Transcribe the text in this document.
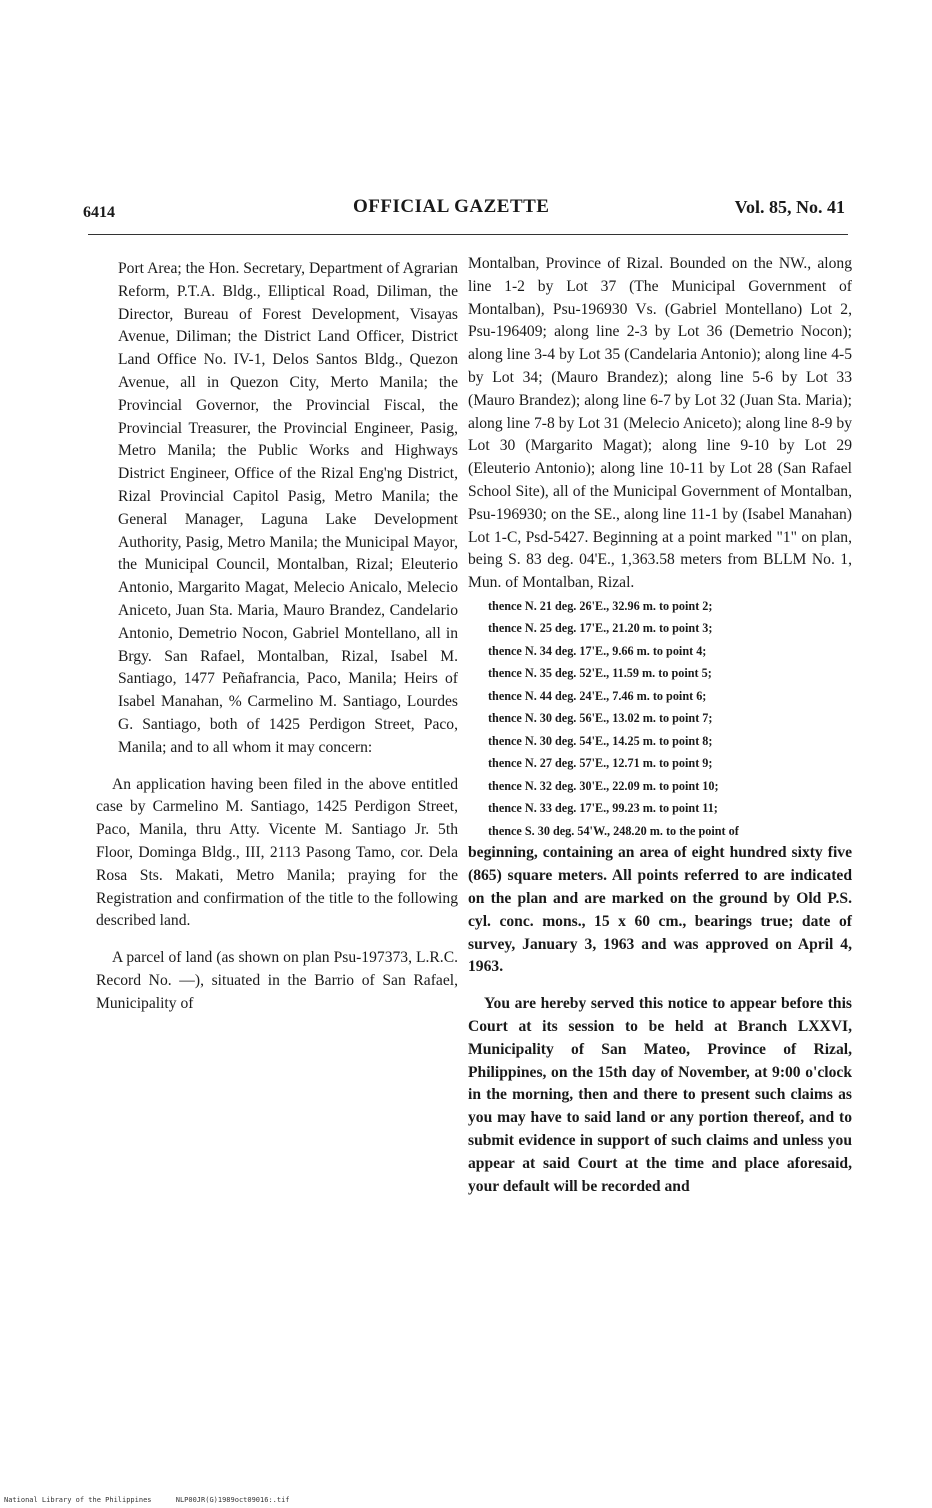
6414	OFFICIAL GAZETTE	Vol. 85, No. 41

Port Area; the Hon. Secretary, Department of Agrarian Reform, P.T.A. Bldg., Elliptical Road, Diliman, the Director, Bureau of Forest Development, Visayas Avenue, Diliman; the District Land Officer, District Land Office No. IV-1, Delos Santos Bldg., Quezon Avenue, all in Quezon City, Merto Manila; the Provincial Governor, the Provincial Fiscal, the Provincial Treasurer, the Provincial Engineer, Pasig, Metro Manila; the Public Works and Highways District Engineer, Office of the Rizal Eng'ng District, Rizal Provincial Capitol Pasig, Metro Manila; the General Manager, Laguna Lake Development Authority, Pasig, Metro Manila; the Municipal Mayor, the Municipal Council, Montalban, Rizal; Eleuterio Antonio, Margarito Magat, Melecio Anicalo, Melecio Aniceto, Juan Sta. Maria, Mauro Brandez, Candelario Antonio, Demetrio Nocon, Gabriel Montellano, all in Brgy. San Rafael, Montalban, Rizal, Isabel M. Santiago, 1477 Peñafrancia, Paco, Manila; Heirs of Isabel Manahan, % Carmelino M. Santiago, Lourdes G. Santiago, both of 1425 Perdigon Street, Paco, Manila; and to all whom it may concern:

An application having been filed in the above entitled case by Carmelino M. Santiago, 1425 Perdigon Street, Paco, Manila, thru Atty. Vicente M. Santiago Jr. 5th Floor, Dominga Bldg., III, 2113 Pasong Tamo, cor. Dela Rosa Sts. Makati, Metro Manila; praying for the Registration and confirmation of the title to the following described land.

A parcel of land (as shown on plan Psu-197373, L.R.C. Record No. —), situated in the Barrio of San Rafael, Municipality of

Montalban, Province of Rizal. Bounded on the NW., along line 1-2 by Lot 37 (The Municipal Government of Montalban), Psu-196930 Vs. (Gabriel Montellano) Lot 2, Psu-196409; along line 2-3 by Lot 36 (Demetrio Nocon); along line 3-4 by Lot 35 (Candelaria Antonio); along line 4-5 by Lot 34; (Mauro Brandez); along line 5-6 by Lot 33 (Mauro Brandez); along line 6-7 by Lot 32 (Juan Sta. Maria); along line 7-8 by Lot 31 (Melecio Aniceto); along line 8-9 by Lot 30 (Margarito Magat); along line 9-10 by Lot 29 (Eleuterio Antonio); along line 10-11 by Lot 28 (San Rafael School Site), all of the Municipal Government of Montalban, Psu-196930; on the SE., along line 11-1 by (Isabel Manahan) Lot 1-C, Psd-5427. Beginning at a point marked "1" on plan, being S. 83 deg. 04'E., 1,363.58 meters from BLLM No. 1, Mun. of Montalban, Rizal.

thence N. 21 deg. 26'E., 32.96 m. to point 2;
thence N. 25 deg. 17'E., 21.20 m. to point 3;
thence N. 34 deg. 17'E., 9.66 m. to point 4;
thence N. 35 deg. 52'E., 11.59 m. to point 5;
thence N. 44 deg. 24'E., 7.46 m. to point 6;
thence N. 30 deg. 56'E., 13.02 m. to point 7;
thence N. 30 deg. 54'E., 14.25 m. to point 8;
thence N. 27 deg. 57'E., 12.71 m. to point 9;
thence N. 32 deg. 30'E., 22.09 m. to point 10;
thence N. 33 deg. 17'E., 99.23 m. to point 11;
thence S. 30 deg. 54'W., 248.20 m. to the point of

beginning, containing an area of eight hundred sixty five (865) square meters. All points referred to are indicated on the plan and are marked on the ground by Old P.S. cyl. conc. mons., 15 x 60 cm., bearings true; date of survey, January 3, 1963 and was approved on April 4, 1963.

You are hereby served this notice to appear before this Court at its session to be held at Branch LXXVI, Municipality of San Mateo, Province of Rizal, Philippines, on the 15th day of November, at 9:00 o'clock in the morning, then and there to present such claims as you may have to said land or any portion thereof, and to submit evidence in support of such claims and unless you appear at said Court at the time and place aforesaid, your default will be recorded and

National Library of the Philippines	NLP00JR(G)1989oct09016:.tif
